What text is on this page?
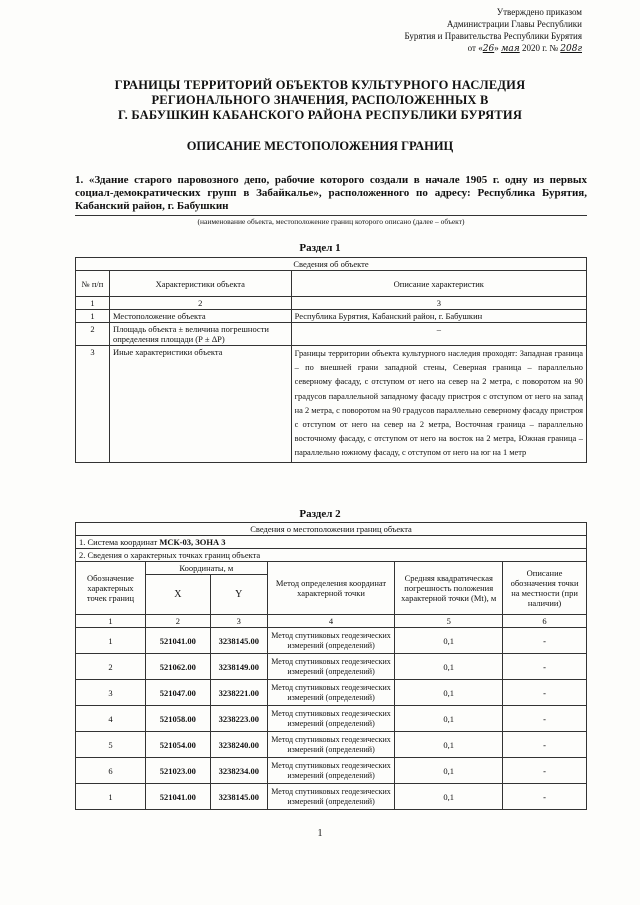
Утверждено приказом
Администрации Главы Республики
Бурятия и Правительства Республики Бурятия
от «26» мая 2020 г. № 208г
ГРАНИЦЫ ТЕРРИТОРИЙ ОБЪЕКТОВ КУЛЬТУРНОГО НАСЛЕДИЯ
РЕГИОНАЛЬНОГО ЗНАЧЕНИЯ, РАСПОЛОЖЕННЫХ В
Г. БАБУШКИН КАБАНСКОГО РАЙОНА РЕСПУБЛИКИ БУРЯТИЯ
ОПИСАНИЕ МЕСТОПОЛОЖЕНИЯ ГРАНИЦ
1. «Здание старого паровозного депо, рабочие которого создали в начале 1905 г. одну из первых социал-демократических групп в Забайкалье», расположенного по адресу: Республика Бурятия, Кабанский район, г. Бабушкин
(наименование объекта, местоположение границ которого описано (далее – объект)
Раздел 1
Сведения об объекте		
№ п/п	Характеристики объекта	Описание характеристик
1	2	3
1	Местоположение объекта	Республика Бурятия, Кабанский район, г. Бабушкин
2	Площадь объекта ± величина погрешности определения площади (Р ± ΔР)	–
3	Иные характеристики объекта	Границы территории объекта культурного наследия проходят: Западная граница – по внешней грани западной стены, Северная граница – параллельно северному фасаду, с отступом от него на север на 2 метра, с поворотом на 90 градусов параллельной западному фасаду пристроя с отступом от него на запад на 2 метра, с поворотом на 90 градусов параллельно северному фасаду пристроя с отступом от него на север на 2 метра, Восточная граница – параллельно восточному фасаду, с отступом от него на восток на 2 метра, Южная граница – параллельно южному фасаду, с отступом от него на юг на 1 метр
Раздел 2
Сведения о местоположении границ объекта					
1. Система координат МСК-03, ЗОНА 3					
2. Сведения о характерных точках границ объекта					
Обозначение характерных точек границ	Координаты, м		Метод определения координат характерной точки	Средняя квадратическая погрешность положения характерной точки (Mt), м	Описание обозначения точки на местности (при наличии)
	X	Y			
1	2	3	4	5	6
1	521041.00	3238145.00	Метод спутниковых геодезических измерений (определений)	0,1	-
2	521062.00	3238149.00	Метод спутниковых геодезических измерений (определений)	0,1	-
3	521047.00	3238221.00	Метод спутниковых геодезических измерений (определений)	0,1	-
4	521058.00	3238223.00	Метод спутниковых геодезических измерений (определений)	0,1	-
5	521054.00	3238240.00	Метод спутниковых геодезических измерений (определений)	0,1	-
6	521023.00	3238234.00	Метод спутниковых геодезических измерений (определений)	0,1	-
1	521041.00	3238145.00	Метод спутниковых геодезических измерений (определений)	0,1	-
1
